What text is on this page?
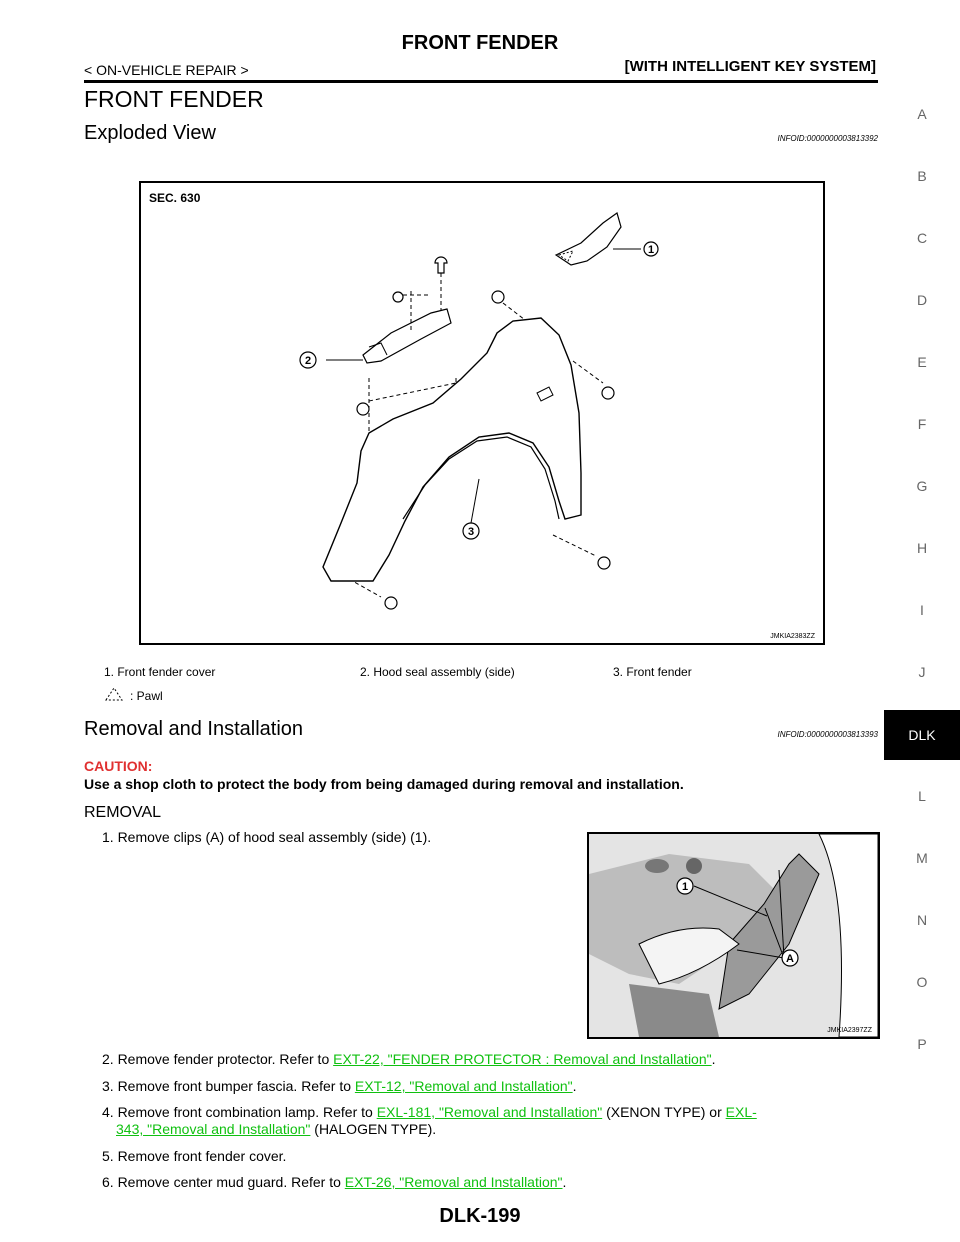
FRONT FENDER
< ON-VEHICLE REPAIR >	[WITH INTELLIGENT KEY SYSTEM]
FRONT FENDER
Exploded View	INFOID:0000000003813392
SEC. 630
1
2
3
JMKIA2383ZZ
1. Front fender cover	2. Hood seal assembly (side)	3. Front fender
: Pawl
Removal and Installation	INFOID:0000000003813393
CAUTION:
Use a shop cloth to protect the body from being damaged during removal and installation.
REMOVAL
1. Remove clips (A) of hood seal assembly (side) (1).
1
A
JMKIA2397ZZ
2. Remove fender protector. Refer to EXT-22, "FENDER PROTECTOR : Removal and Installation".
3. Remove front bumper fascia. Refer to EXT-12, "Removal and Installation".
4. Remove front combination lamp. Refer to EXL-181, "Removal and Installation" (XENON TYPE) or EXL-
343, "Removal and Installation" (HALOGEN TYPE).
5. Remove front fender cover.
6. Remove center mud guard. Refer to EXT-26, "Removal and Installation".
A
B
C
D
E
F
G
H
I
J
DLK
L
M
N
O
P
DLK-199
